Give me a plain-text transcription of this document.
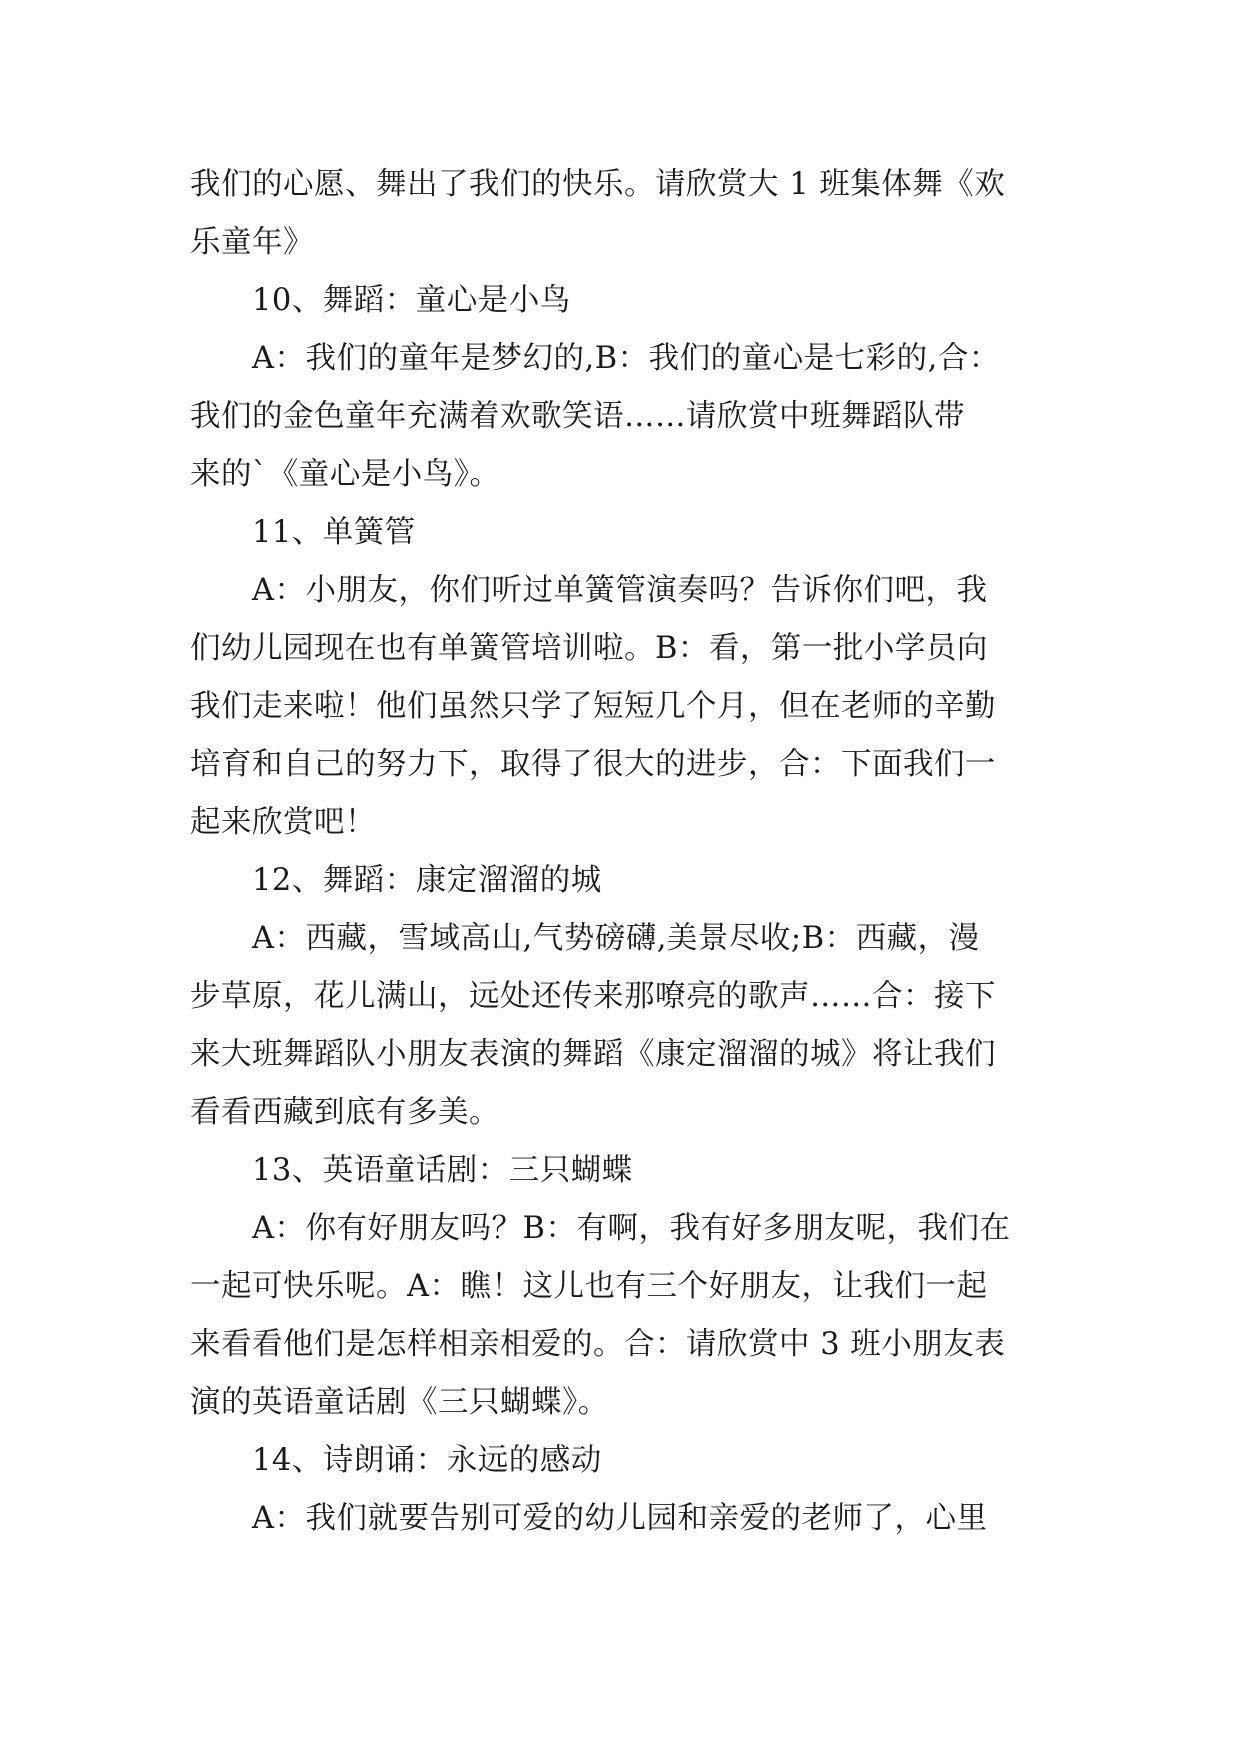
我们的心愿、舞出了我们的快乐。请欣赏大 1 班集体舞《欢
乐童年》
10、舞蹈：童心是小鸟
A：我们的童年是梦幻的,B：我们的童心是七彩的,合：
我们的金色童年充满着欢歌笑语……请欣赏中班舞蹈队带
来的`《童心是小鸟》。
11、单簧管
A：小朋友，你们听过单簧管演奏吗？告诉你们吧，我
们幼儿园现在也有单簧管培训啦。B：看，第一批小学员向
我们走来啦！他们虽然只学了短短几个月，但在老师的辛勤
培育和自己的努力下，取得了很大的进步，合：下面我们一
起来欣赏吧！
12、舞蹈：康定溜溜的城
A：西藏，雪域高山,气势磅礴,美景尽收;B：西藏，漫
步草原，花儿满山，远处还传来那嘹亮的歌声……合：接下
来大班舞蹈队小朋友表演的舞蹈《康定溜溜的城》将让我们
看看西藏到底有多美。
13、英语童话剧：三只蝴蝶
A：你有好朋友吗？B：有啊，我有好多朋友呢，我们在
一起可快乐呢。A：瞧！这儿也有三个好朋友，让我们一起
来看看他们是怎样相亲相爱的。合：请欣赏中 3 班小朋友表
演的英语童话剧《三只蝴蝶》。
14、诗朗诵：永远的感动
A：我们就要告别可爱的幼儿园和亲爱的老师了，心里
